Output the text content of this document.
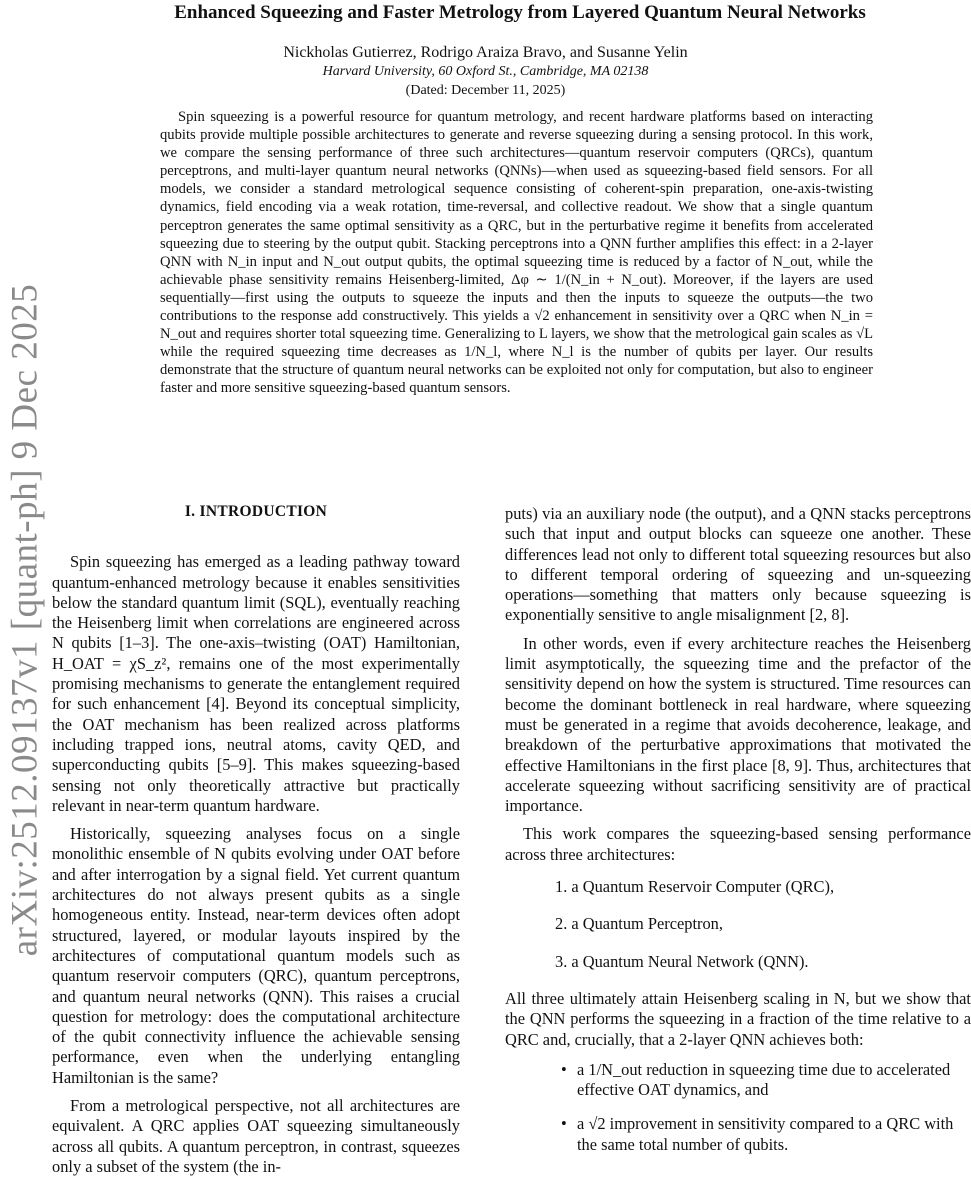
Enhanced Squeezing and Faster Metrology from Layered Quantum Neural Networks
Nickholas Gutierrez, Rodrigo Araiza Bravo, and Susanne Yelin
Harvard University, 60 Oxford St., Cambridge, MA 02138
(Dated: December 11, 2025)

Spin squeezing is a powerful resource for quantum metrology, and recent hardware platforms based on interacting qubits provide multiple possible architectures to generate and reverse squeezing during a sensing protocol. In this work, we compare the sensing performance of three such architectures—quantum reservoir computers (QRCs), quantum perceptrons, and multi-layer quantum neural networks (QNNs)—when used as squeezing-based field sensors. For all models, we consider a standard metrological sequence consisting of coherent-spin preparation, one-axis-twisting dynamics, field encoding via a weak rotation, time-reversal, and collective readout. We show that a single quantum perceptron generates the same optimal sensitivity as a QRC, but in the perturbative regime it benefits from accelerated squeezing due to steering by the output qubit. Stacking perceptrons into a QNN further amplifies this effect: in a 2-layer QNN with N_in input and N_out output qubits, the optimal squeezing time is reduced by a factor of N_out, while the achievable phase sensitivity remains Heisenberg-limited, Δφ ∼ 1/(N_in + N_out). Moreover, if the layers are used sequentially—first using the outputs to squeeze the inputs and then the inputs to squeeze the outputs—the two contributions to the response add constructively. This yields a √2 enhancement in sensitivity over a QRC when N_in = N_out and requires shorter total squeezing time. Generalizing to L layers, we show that the metrological gain scales as √L while the required squeezing time decreases as 1/N_l, where N_l is the number of qubits per layer. Our results demonstrate that the structure of quantum neural networks can be exploited not only for computation, but also to engineer faster and more sensitive squeezing-based quantum sensors.

arXiv:2512.09137v1 [quant-ph] 9 Dec 2025	I. INTRODUCTION

Spin squeezing has emerged as a leading pathway toward quantum-enhanced metrology because it enables sensitivities below the standard quantum limit (SQL), eventually reaching the Heisenberg limit when correlations are engineered across N qubits [1–3]. The one-axis–twisting (OAT) Hamiltonian, H_OAT = χS_z², remains one of the most experimentally promising mechanisms to generate the entanglement required for such enhancement [4]. Beyond its conceptual simplicity, the OAT mechanism has been realized across platforms including trapped ions, neutral atoms, cavity QED, and superconducting qubits [5–9]. This makes squeezing-based sensing not only theoretically attractive but practically relevant in near-term quantum hardware.

Historically, squeezing analyses focus on a single monolithic ensemble of N qubits evolving under OAT before and after interrogation by a signal field. Yet current quantum architectures do not always present qubits as a single homogeneous entity. Instead, near-term devices often adopt structured, layered, or modular layouts inspired by the architectures of computational quantum models such as quantum reservoir computers (QRC), quantum perceptrons, and quantum neural networks (QNN). This raises a crucial question for metrology: does the computational architecture of the qubit connectivity influence the achievable sensing performance, even when the underlying entangling Hamiltonian is the same?

From a metrological perspective, not all architectures are equivalent. A QRC applies OAT squeezing simultaneously across all qubits. A quantum perceptron, in contrast, squeezes only a subset of the system (the in-

puts) via an auxiliary node (the output), and a QNN stacks perceptrons such that input and output blocks can squeeze one another. These differences lead not only to different total squeezing resources but also to different temporal ordering of squeezing and un-squeezing operations—something that matters only because squeezing is exponentially sensitive to angle misalignment [2, 8].

In other words, even if every architecture reaches the Heisenberg limit asymptotically, the squeezing time and the prefactor of the sensitivity depend on how the system is structured. Time resources can become the dominant bottleneck in real hardware, where squeezing must be generated in a regime that avoids decoherence, leakage, and breakdown of the perturbative approximations that motivated the effective Hamiltonians in the first place [8, 9]. Thus, architectures that accelerate squeezing without sacrificing sensitivity are of practical importance.

This work compares the squeezing-based sensing performance across three architectures:

1. a Quantum Reservoir Computer (QRC),
2. a Quantum Perceptron,
3. a Quantum Neural Network (QNN).

All three ultimately attain Heisenberg scaling in N, but we show that the QNN performs the squeezing in a fraction of the time relative to a QRC and, crucially, that a 2-layer QNN achieves both:

• a 1/N_out reduction in squeezing time due to accelerated effective OAT dynamics, and
• a √2 improvement in sensitivity compared to a QRC with the same total number of qubits.
